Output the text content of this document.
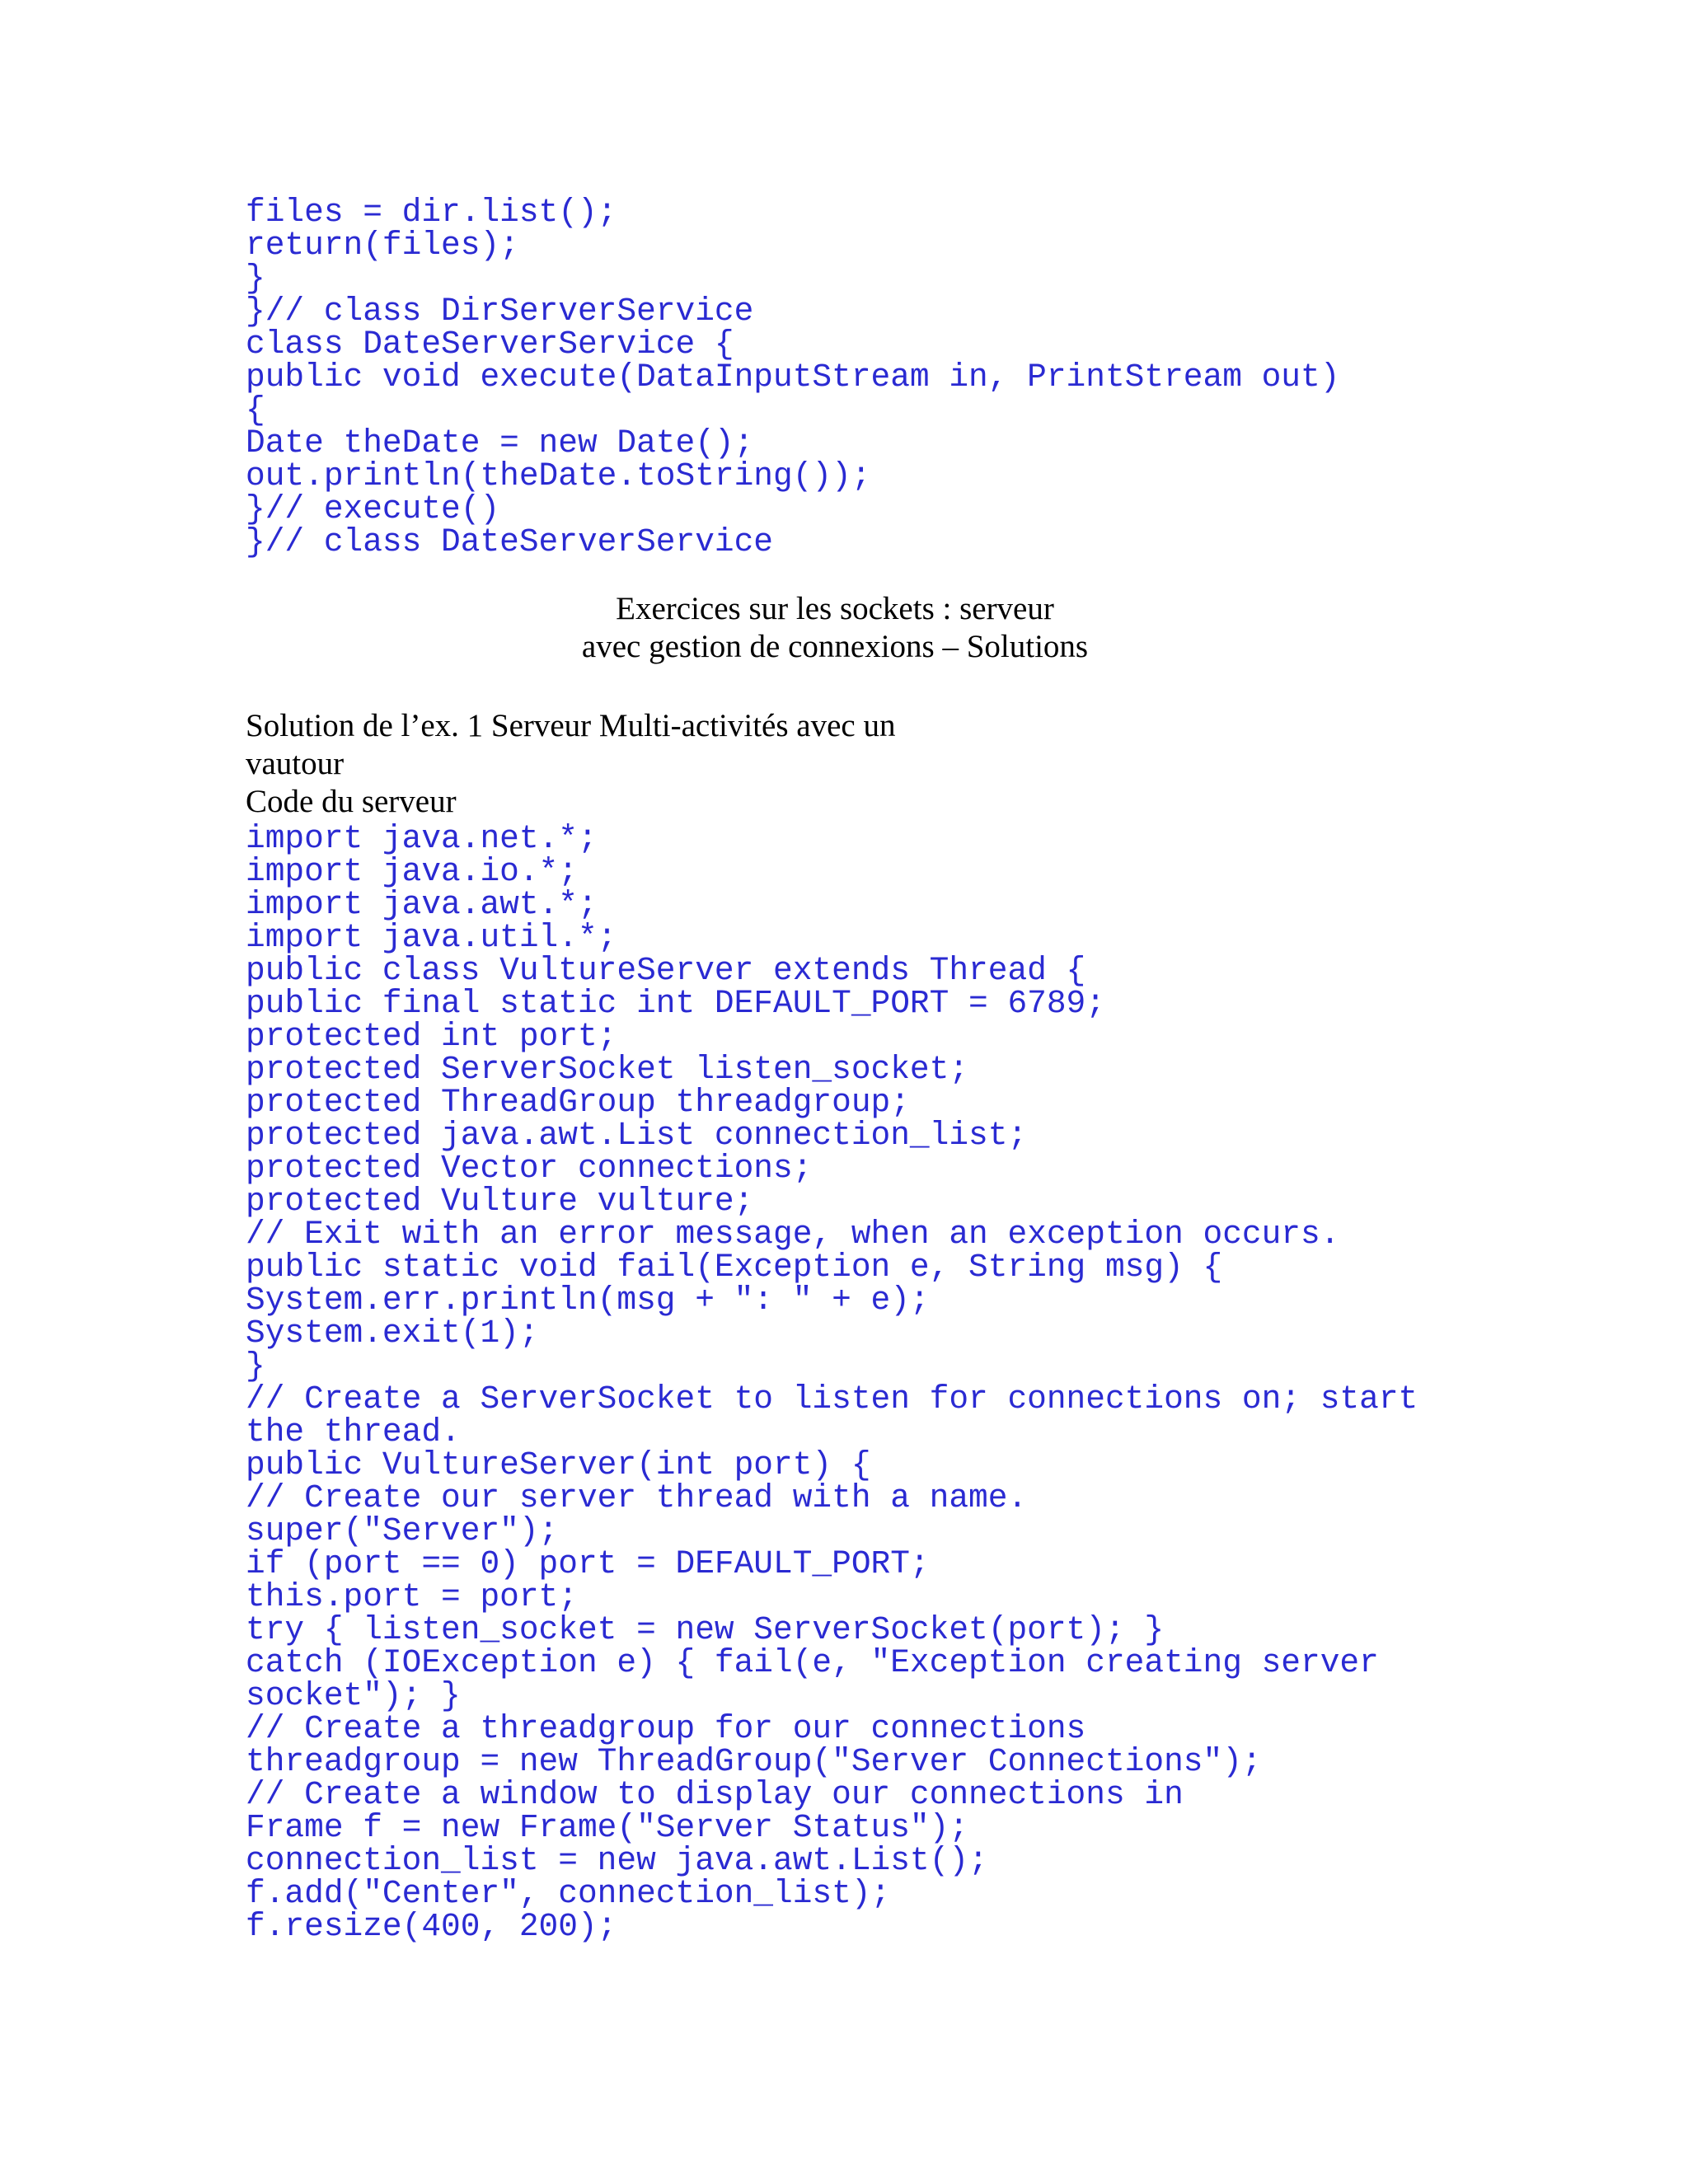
files = dir.list();
return(files);
}
}// class DirServerService
class DateServerService {
public void execute(DataInputStream in, PrintStream out)
{
Date theDate = new Date();
out.println(theDate.toString());
}// execute()
}// class DateServerService
Exercices sur les sockets : serveur
avec gestion de connexions – Solutions

Solution de l’ex. 1 Serveur Multi-activités avec un

vautour

Code du serveur

import java.net.*;
import java.io.*;
import java.awt.*;
import java.util.*;
public class VultureServer extends Thread {
public final static int DEFAULT_PORT = 6789;
protected int port;
protected ServerSocket listen_socket;
protected ThreadGroup threadgroup;
protected java.awt.List connection_list;
protected Vector connections;
protected Vulture vulture;
// Exit with an error message, when an exception occurs.
public static void fail(Exception e, String msg) {
System.err.println(msg + ": " + e);
System.exit(1);
}
// Create a ServerSocket to listen for connections on; start
the thread.
public VultureServer(int port) {
// Create our server thread with a name.
super("Server");
if (port == 0) port = DEFAULT_PORT;
this.port = port;
try { listen_socket = new ServerSocket(port); }
catch (IOException e) { fail(e, "Exception creating server
socket"); }
// Create a threadgroup for our connections
threadgroup = new ThreadGroup("Server Connections");
// Create a window to display our connections in
Frame f = new Frame("Server Status");
connection_list = new java.awt.List();
f.add("Center", connection_list);
f.resize(400, 200);
